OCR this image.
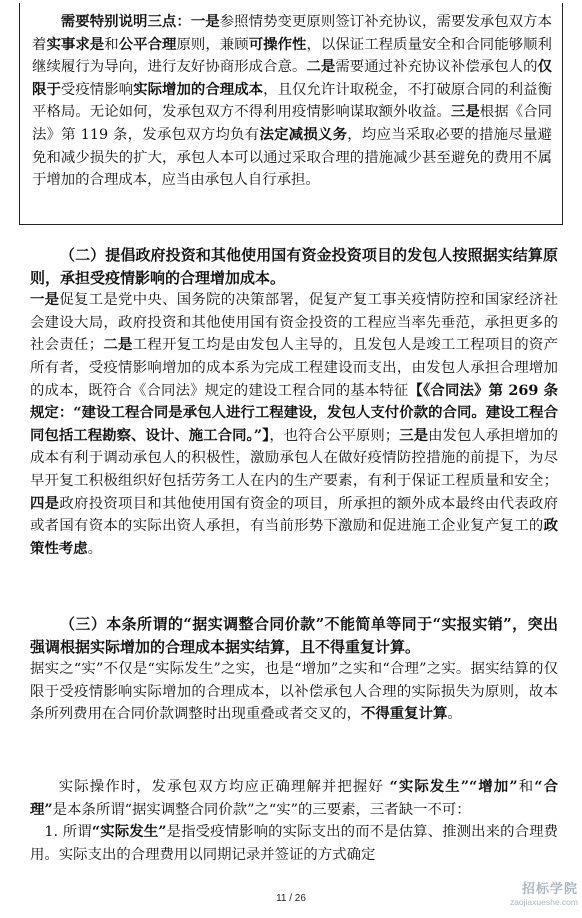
需要特别说明三点：一是参照情势变更原则签订补充协议，需要发承包双方本着实事求是和公平合理原则，兼顾可操作性，以保证工程质量安全和合同能够顺利继续履行为导向，进行友好协商形成合意。二是需要通过补充协议补偿承包人的仅限于受疫情影响实际增加的合理成本，且仅允许计取税金，不打破原合同的利益衡平格局。无论如何，发承包双方不得利用疫情影响谋取额外收益。三是根据《合同法》第 119 条，发承包双方均负有法定减损义务，均应当采取必要的措施尽量避免和减少损失的扩大，承包人本可以通过采取合理的措施减少甚至避免的费用不属于增加的合理成本，应当由承包人自行承担。

（二）提倡政府投资和其他使用国有资金投资项目的发包人按照据实结算原则，承担受疫情影响的合理增加成本。

一是促复工是党中央、国务院的决策部署，促复产复工事关疫情防控和国家经济社会建设大局，政府投资和其他使用国有资金投资的工程应当率先垂范，承担更多的社会责任；二是工程开复工均是由发包人主导的，且发包人是竣工工程项目的资产所有者，受疫情影响增加的成本系为完成工程建设而支出，由发包人承担合理增加的成本，既符合《合同法》规定的建设工程合同的基本特征【《合同法》第 269 条规定：“建设工程合同是承包人进行工程建设，发包人支付价款的合同。建设工程合同包括工程勘察、设计、施工合同。”】，也符合公平原则；三是由发包人承担增加的成本有利于调动承包人的积极性，激励承包人在做好疫情防控措施的前提下，为尽早开复工积极组织好包括劳务工人在内的生产要素，有利于保证工程质量和安全；四是政府投资项目和其他使用国有资金的项目，所承担的额外成本最终由代表政府或者国有资本的实际出资人承担，有当前形势下激励和促进施工企业复产复工的政策性考虑。

（三）本条所谓的“据实调整合同价款”不能简单等同于“实报实销”，突出强调根据实际增加的合理成本据实结算，且不得重复计算。

据实之“实”不仅是“实际发生”之实，也是“增加”之实和“合理”之实。据实结算的仅限于受疫情影响实际增加的合理成本，以补偿承包人合理的实际损失为原则，故本条所列费用在合同价款调整时出现重叠或者交叉的，不得重复计算。

实际操作时，发承包双方均应正确理解并把握好 “实际发生”“增加”和“合理”是本条所谓“据实调整合同价款”之“实”的三要素，三者缺一不可：

1. 所谓“实际发生”是指受疫情影响的实际支出的而不是估算、推测出来的合理费用。实际支出的合理费用以同期记录并签证的方式确定

11 / 26
招标学院
zaojiaxueshe.com
